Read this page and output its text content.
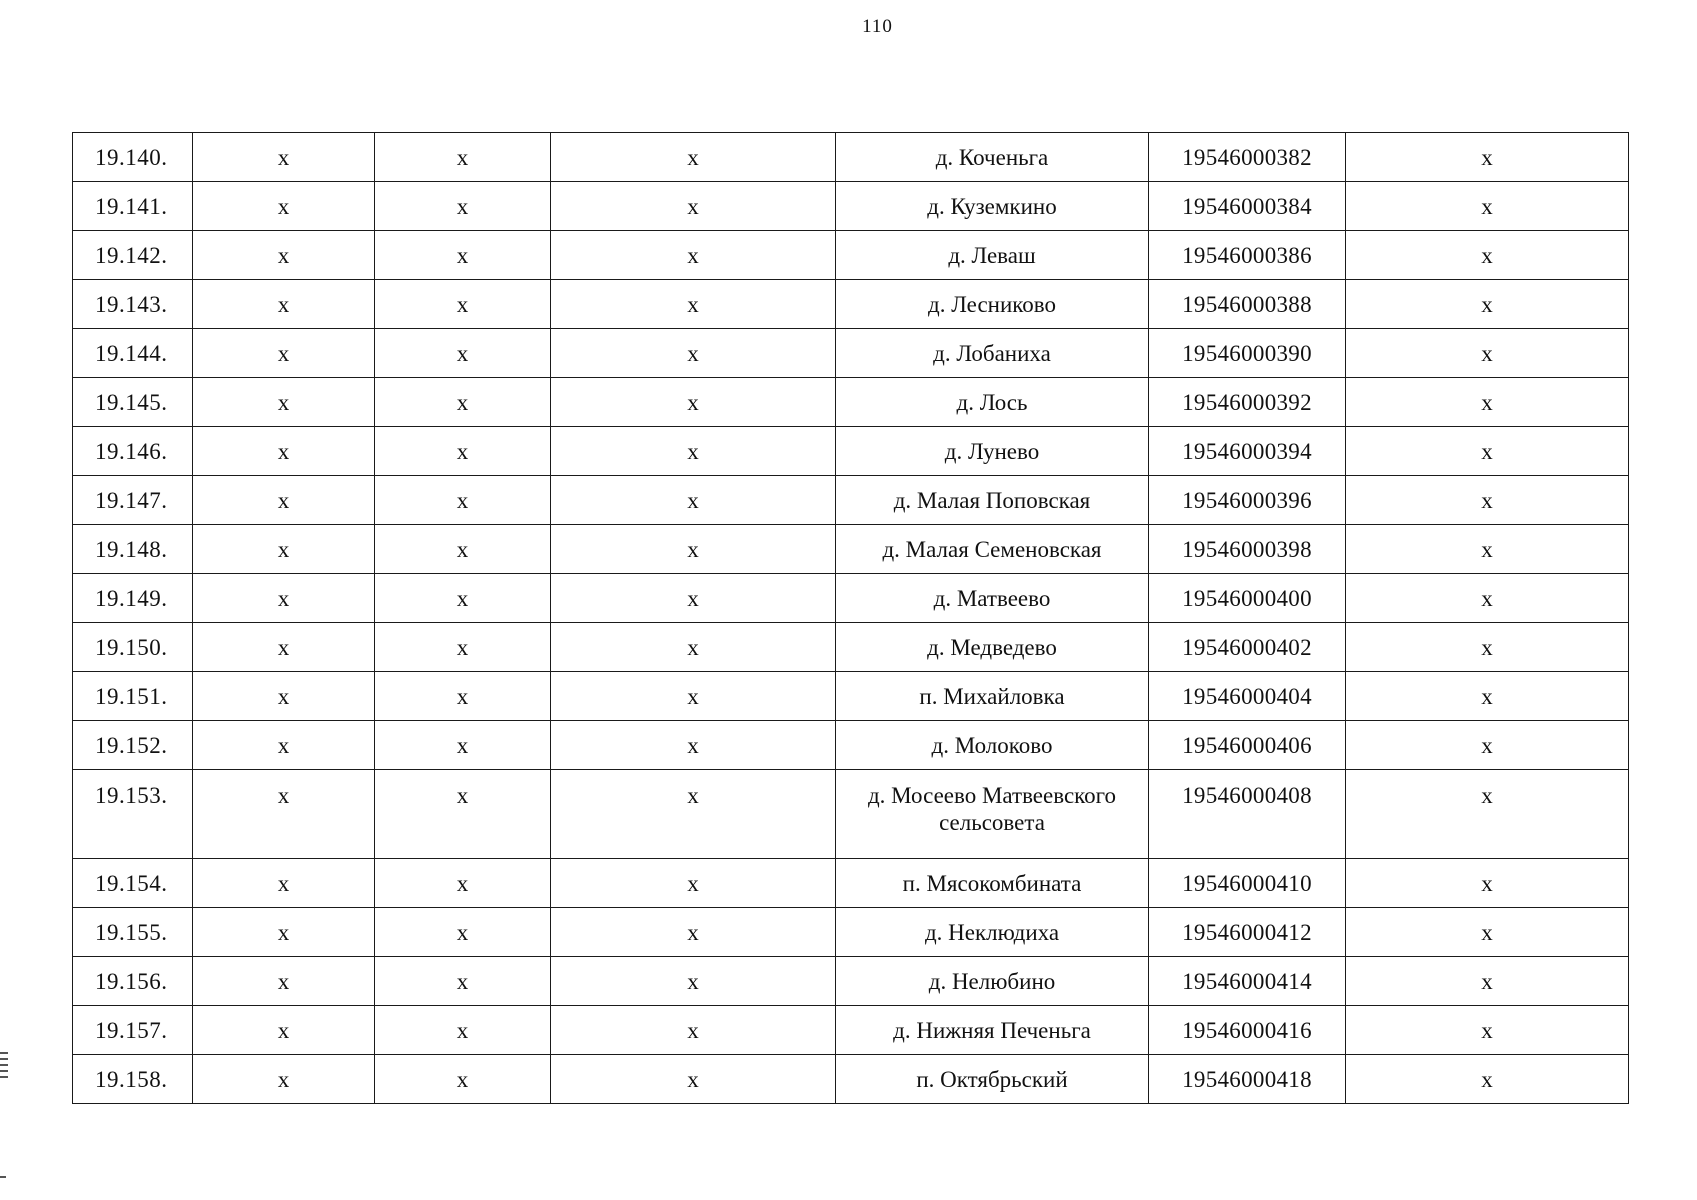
110
19.140.	x	x	x	д. Коченьга	19546000382	x
19.141.	x	x	x	д. Куземкино	19546000384	x
19.142.	x	x	x	д. Леваш	19546000386	x
19.143.	x	x	x	д. Лесниково	19546000388	x
19.144.	x	x	x	д. Лобаниха	19546000390	x
19.145.	x	x	x	д. Лось	19546000392	x
19.146.	x	x	x	д. Лунево	19546000394	x
19.147.	x	x	x	д. Малая Поповская	19546000396	x
19.148.	x	x	x	д. Малая Семеновская	19546000398	x
19.149.	x	x	x	д. Матвеево	19546000400	x
19.150.	x	x	x	д. Медведево	19546000402	x
19.151.	x	x	x	п. Михайловка	19546000404	x
19.152.	x	x	x	д. Молоково	19546000406	x
19.153.	x	x	x	д. Мосеево Матвеевского сельсовета	19546000408	x
19.154.	x	x	x	п. Мясокомбината	19546000410	x
19.155.	x	x	x	д. Неклюдиха	19546000412	x
19.156.	x	x	x	д. Нелюбино	19546000414	x
19.157.	x	x	x	д. Нижняя Печеньга	19546000416	x
19.158.	x	x	x	п. Октябрьский	19546000418	x
